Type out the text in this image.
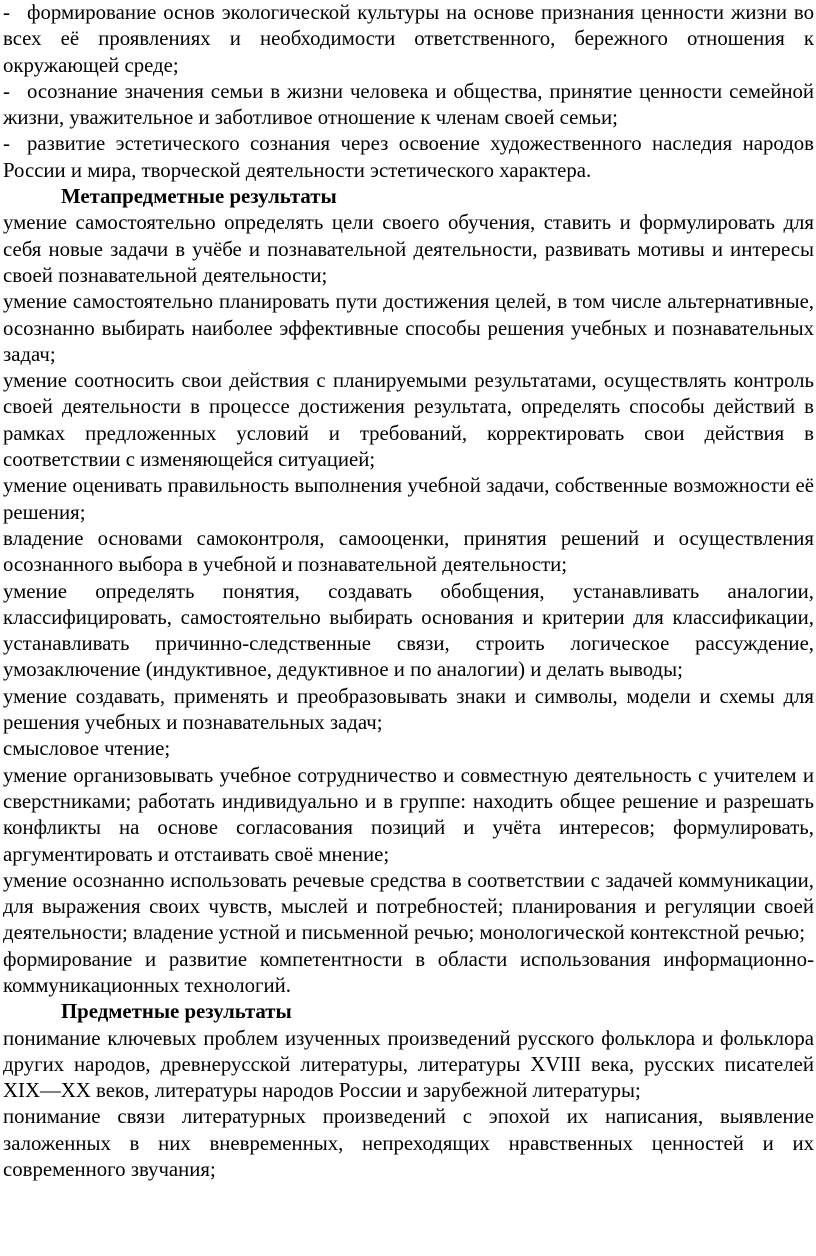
- формирование основ экологической культуры на основе признания ценности жизни во всех её проявлениях и необходимости ответственного, бережного отношения к окружающей среде;

- осознание значения семьи в жизни человека и общества, принятие ценности семейной жизни, уважительное и заботливое отношение к членам своей семьи;

- развитие эстетического сознания через освоение художественного наследия народов России и мира, творческой деятельности эстетического характера.

Метапредметные результаты

умение самостоятельно определять цели своего обучения, ставить и формулировать для себя новые задачи в учёбе и познавательной деятельности, развивать мотивы и интересы своей познавательной деятельности;

умение самостоятельно планировать пути достижения целей, в том числе альтернативные, осознанно выбирать наиболее эффективные способы решения учебных и познавательных задач;

умение соотносить свои действия с планируемыми результатами, осуществлять контроль своей деятельности в процессе достижения результата, определять способы действий в рамках предложенных условий и требований, корректировать свои действия в соответствии с изменяющейся ситуацией;

умение оценивать правильность выполнения учебной задачи, собственные возможности её решения;

владение основами самоконтроля, самооценки, принятия решений и осуществления осознанного выбора в учебной и познавательной деятельности;

умение определять понятия, создавать обобщения, устанавливать аналогии, классифицировать, самостоятельно выбирать основания и критерии для классификации, устанавливать причинно-следственные связи, строить логическое рассуждение, умозаключение (индуктивное, дедуктивное и по аналогии) и делать выводы;

умение создавать, применять и преобразовывать знаки и символы, модели и схемы для решения учебных и познавательных задач;

смысловое чтение;

умение организовывать учебное сотрудничество и совместную деятельность с учителем и сверстниками; работать индивидуально и в группе: находить общее решение и разрешать конфликты на основе согласования позиций и учёта интересов; формулировать, аргументировать и отстаивать своё мнение;

умение осознанно использовать речевые средства в соответствии с задачей коммуникации, для выражения своих чувств, мыслей и потребностей; планирования и регуляции своей деятельности; владение устной и письменной речью; монологической контекстной речью;

формирование и развитие компетентности в области использования информационно-коммуникационных технологий.

Предметные результаты

понимание ключевых проблем изученных произведений русского фольклора и фольклора других народов, древнерусской литературы, литературы XVIII века, русских писателей XIX—XX веков, литературы народов России и зарубежной литературы;

понимание связи литературных произведений с эпохой их написания, выявление заложенных в них вневременных, непреходящих нравственных ценностей и их современного звучания;
